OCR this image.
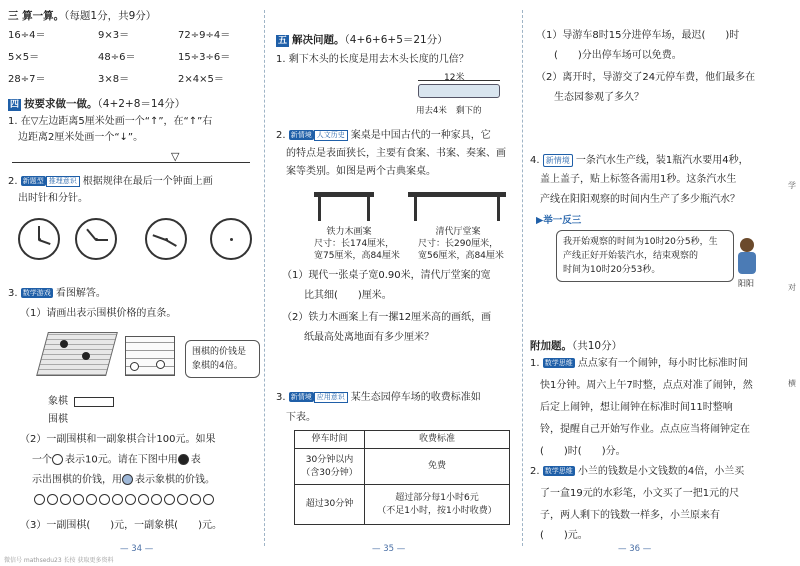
三 算一算。（每题1分，共9分）
16÷4＝	9×3＝	72÷9÷4＝
5×5＝	48÷6＝	15÷3÷6＝
28÷7＝	3×8＝	2×4×5＝
四 按要求做一做。（4+2+8＝14分）
1. 在▽左边距离5厘米处画一个“↑”，在“↑”右
边距离2厘米处画一个“↓”。
▽
2. 新题型 推理意识 根据规律在最后一个钟面上画
出时针和分针。
3. 数学游戏 看图解答。
（1）请画出表示围棋价格的直条。
围棋的价钱是
象棋的4倍。
象棋
围棋
（2）一副围棋和一副象棋合计100元。如果
一个 表示10元。请在下图中用 表
示出围棋的价钱，用 表示象棋的价钱。
（3）一副围棋(　　)元，一副象棋(　　)元。
— 34 —
微信号 mathsedu23 长按 获取更多资料
五 解决问题。（4+6+6+5＝21分）
1. 剩下木头的长度是用去木头长度的几倍？
12米
用去4米 剩下的
2. 新情境 人文历史 案桌是中国古代的一种家具，它
的特点是表面狭长，主要有食案、书案、奏案、画
案等类别。如图是两个古典案桌。
铁力木画案
尺寸：长174厘米，
宽75厘米，高84厘米
清代厅堂案
尺寸：长290厘米，
宽56厘米，高84厘米
（1）现代一张桌子宽0.90米，清代厅堂案的宽
比其细(　　)厘米。
（2）铁力木画案上有一摞12厘米高的画纸，画
纸最高处离地面有多少厘米？
3. 新情境 应用意识 某生态园停车场的收费标准如
下表。
停车时间	收费标准

30分钟以内
（含30分钟）	免费
超过30分钟	超过部分每1小时6元
（不足1小时，按1小时收费）
— 35 —
（1）导游车8时15分进停车场，最迟(　　)时
(　　)分出停车场可以免费。
（2）离开时，导游交了24元停车费，他们最多在
生态园参观了多久？
4. 新情境 一条汽水生产线，装1瓶汽水要用4秒，
盖上盖子，贴上标签各需用1秒。这条汽水生
产线在阳阳观察的时间内生产了多少瓶汽水？
▶举一反三
我开始观察的时间为10时20分5秒，生
产线正好开始装汽水，结束观察的
时间为10时20分53秒。
阳阳
附加题。（共10分）
1. 数学思维 点点家有一个闹钟，每小时比标准时间
快1分钟。周六上午7时整，点点对准了闹钟，然
后定上闹钟，想让闹钟在标准时间11时整响
铃，提醒自己开始写作业。点点应当将闹钟定在
(　　)时(　　)分。
2. 数学思维 小兰的钱数是小文钱数的4倍，小兰买
了一盒19元的水彩笔，小文买了一把1元的尺
子，两人剩下的钱数一样多，小兰原来有
(　　)元。
— 36 —
学
对
横
